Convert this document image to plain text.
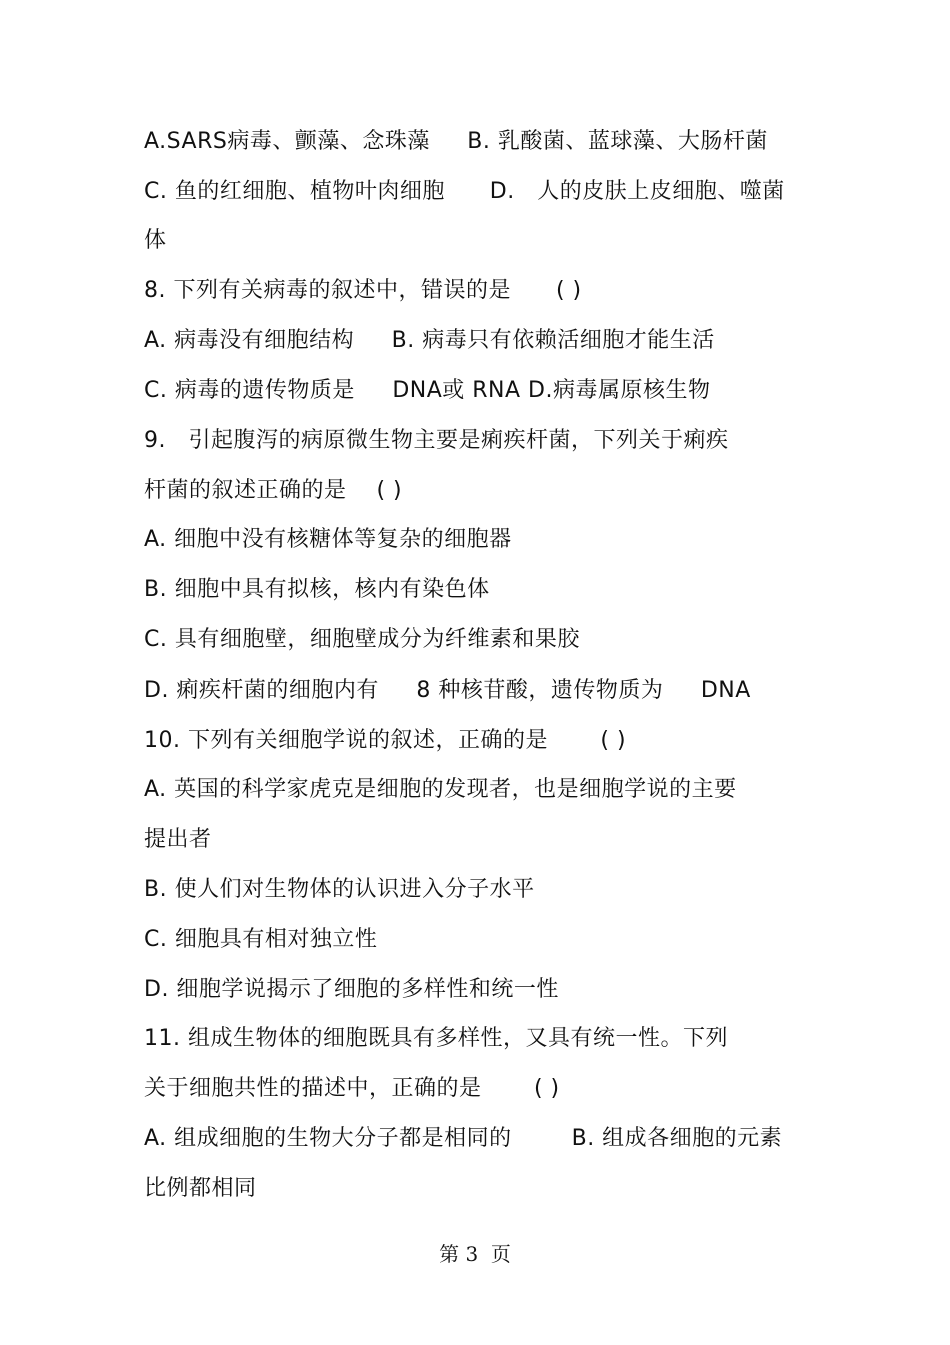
A.SARS病毒、颤藻、念珠藻     B. 乳酸菌、蓝球藻、大肠杆菌
C. 鱼的红细胞、植物叶肉细胞      D.   人的皮肤上皮细胞、噬菌
体
8. 下列有关病毒的叙述中，错误的是      ( )
A. 病毒没有细胞结构     B. 病毒只有依赖活细胞才能生活
C. 病毒的遗传物质是     DNA或 RNA D.病毒属原核生物
9.   引起腹泻的病原微生物主要是痢疾杆菌，下列关于痢疾
杆菌的叙述正确的是    ( )
A. 细胞中没有核糖体等复杂的细胞器
B. 细胞中具有拟核，核内有染色体
C. 具有细胞壁，细胞壁成分为纤维素和果胶
D. 痢疾杆菌的细胞内有     8 种核苷酸，遗传物质为     DNA
10. 下列有关细胞学说的叙述，正确的是       ( )
A. 英国的科学家虎克是细胞的发现者，也是细胞学说的主要
提出者
B. 使人们对生物体的认识进入分子水平
C. 细胞具有相对独立性
D. 细胞学说揭示了细胞的多样性和统一性
11. 组成生物体的细胞既具有多样性，又具有统一性。下列
关于细胞共性的描述中，正确的是       ( )
A. 组成细胞的生物大分子都是相同的        B. 组成各细胞的元素
比例都相同
第 3  页
